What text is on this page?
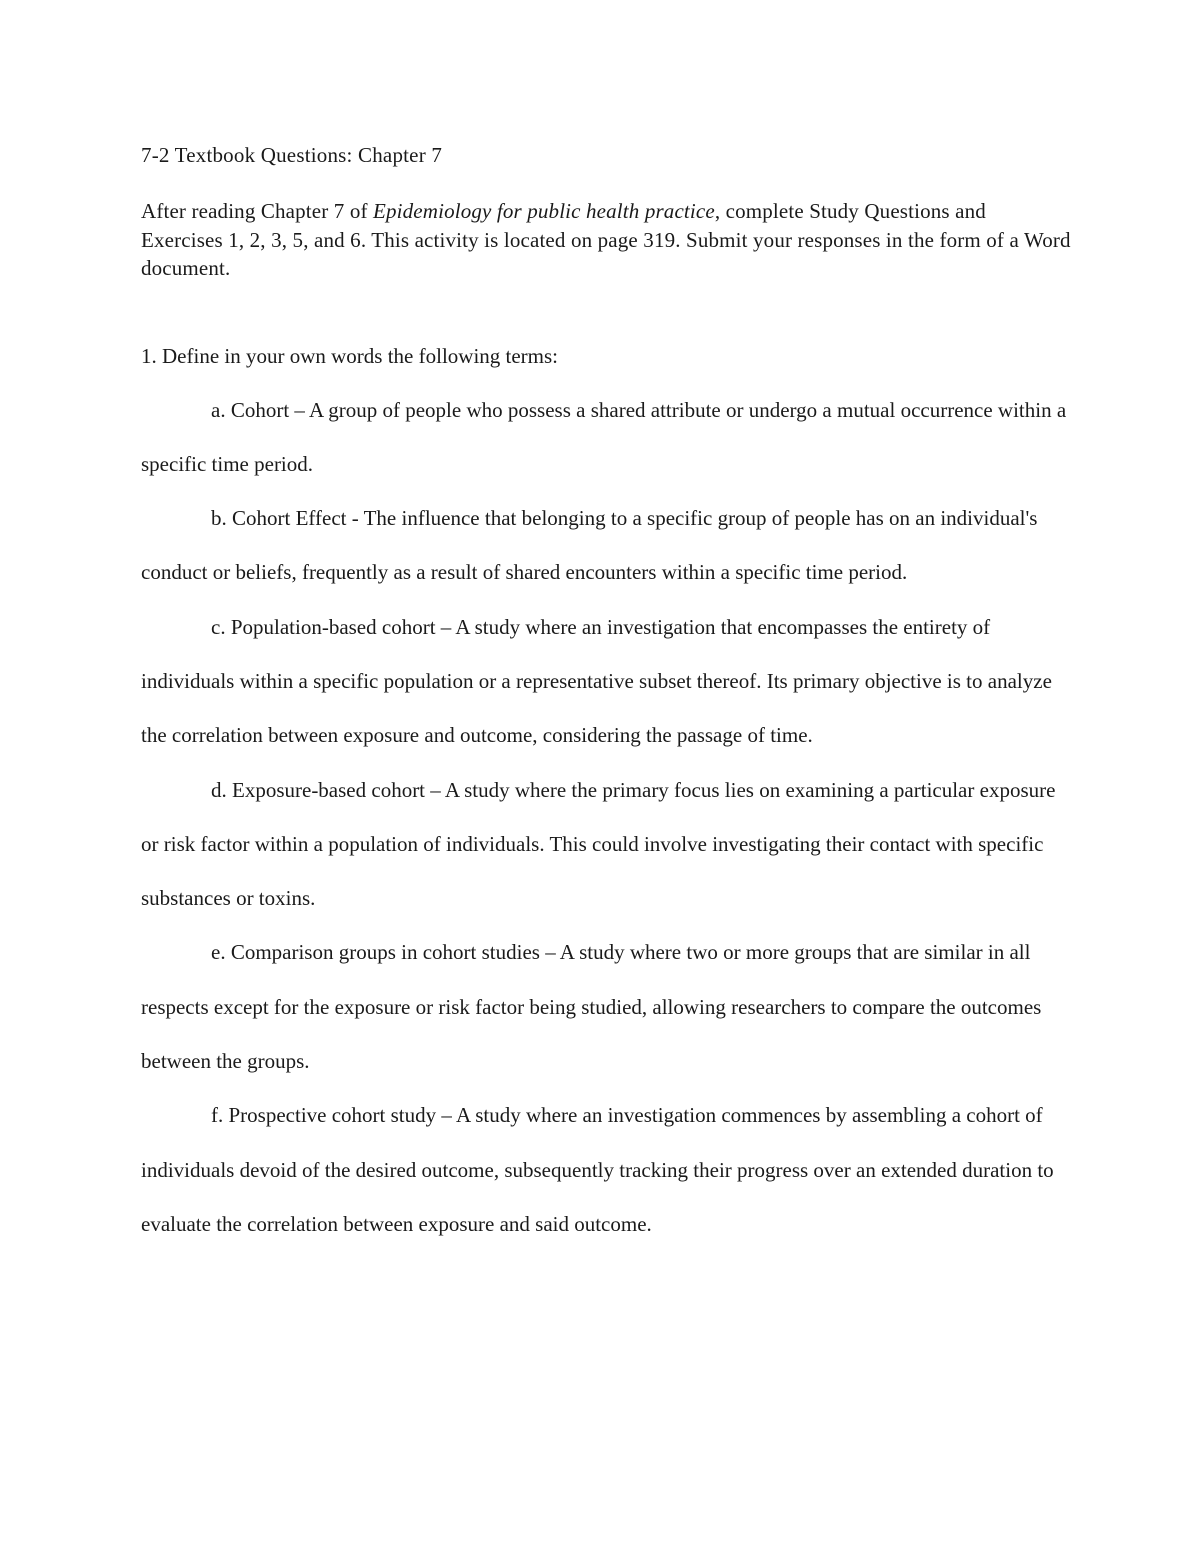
7-2 Textbook Questions: Chapter 7

After reading Chapter 7 of Epidemiology for public health practice, complete Study Questions and Exercises 1, 2, 3, 5, and 6. This activity is located on page 319. Submit your responses in the form of a Word document.

1. Define in your own words the following terms:

a. Cohort – A group of people who possess a shared attribute or undergo a mutual occurrence within a specific time period.

b. Cohort Effect - The influence that belonging to a specific group of people has on an individual's conduct or beliefs, frequently as a result of shared encounters within a specific time period.

c. Population-based cohort – A study where an investigation that encompasses the entirety of individuals within a specific population or a representative subset thereof. Its primary objective is to analyze the correlation between exposure and outcome, considering the passage of time.

d. Exposure-based cohort – A study where the primary focus lies on examining a particular exposure or risk factor within a population of individuals. This could involve investigating their contact with specific substances or toxins.

e. Comparison groups in cohort studies – A study where two or more groups that are similar in all respects except for the exposure or risk factor being studied, allowing researchers to compare the outcomes between the groups.

f. Prospective cohort study – A study where an investigation commences by assembling a cohort of individuals devoid of the desired outcome, subsequently tracking their progress over an extended duration to evaluate the correlation between exposure and said outcome.
